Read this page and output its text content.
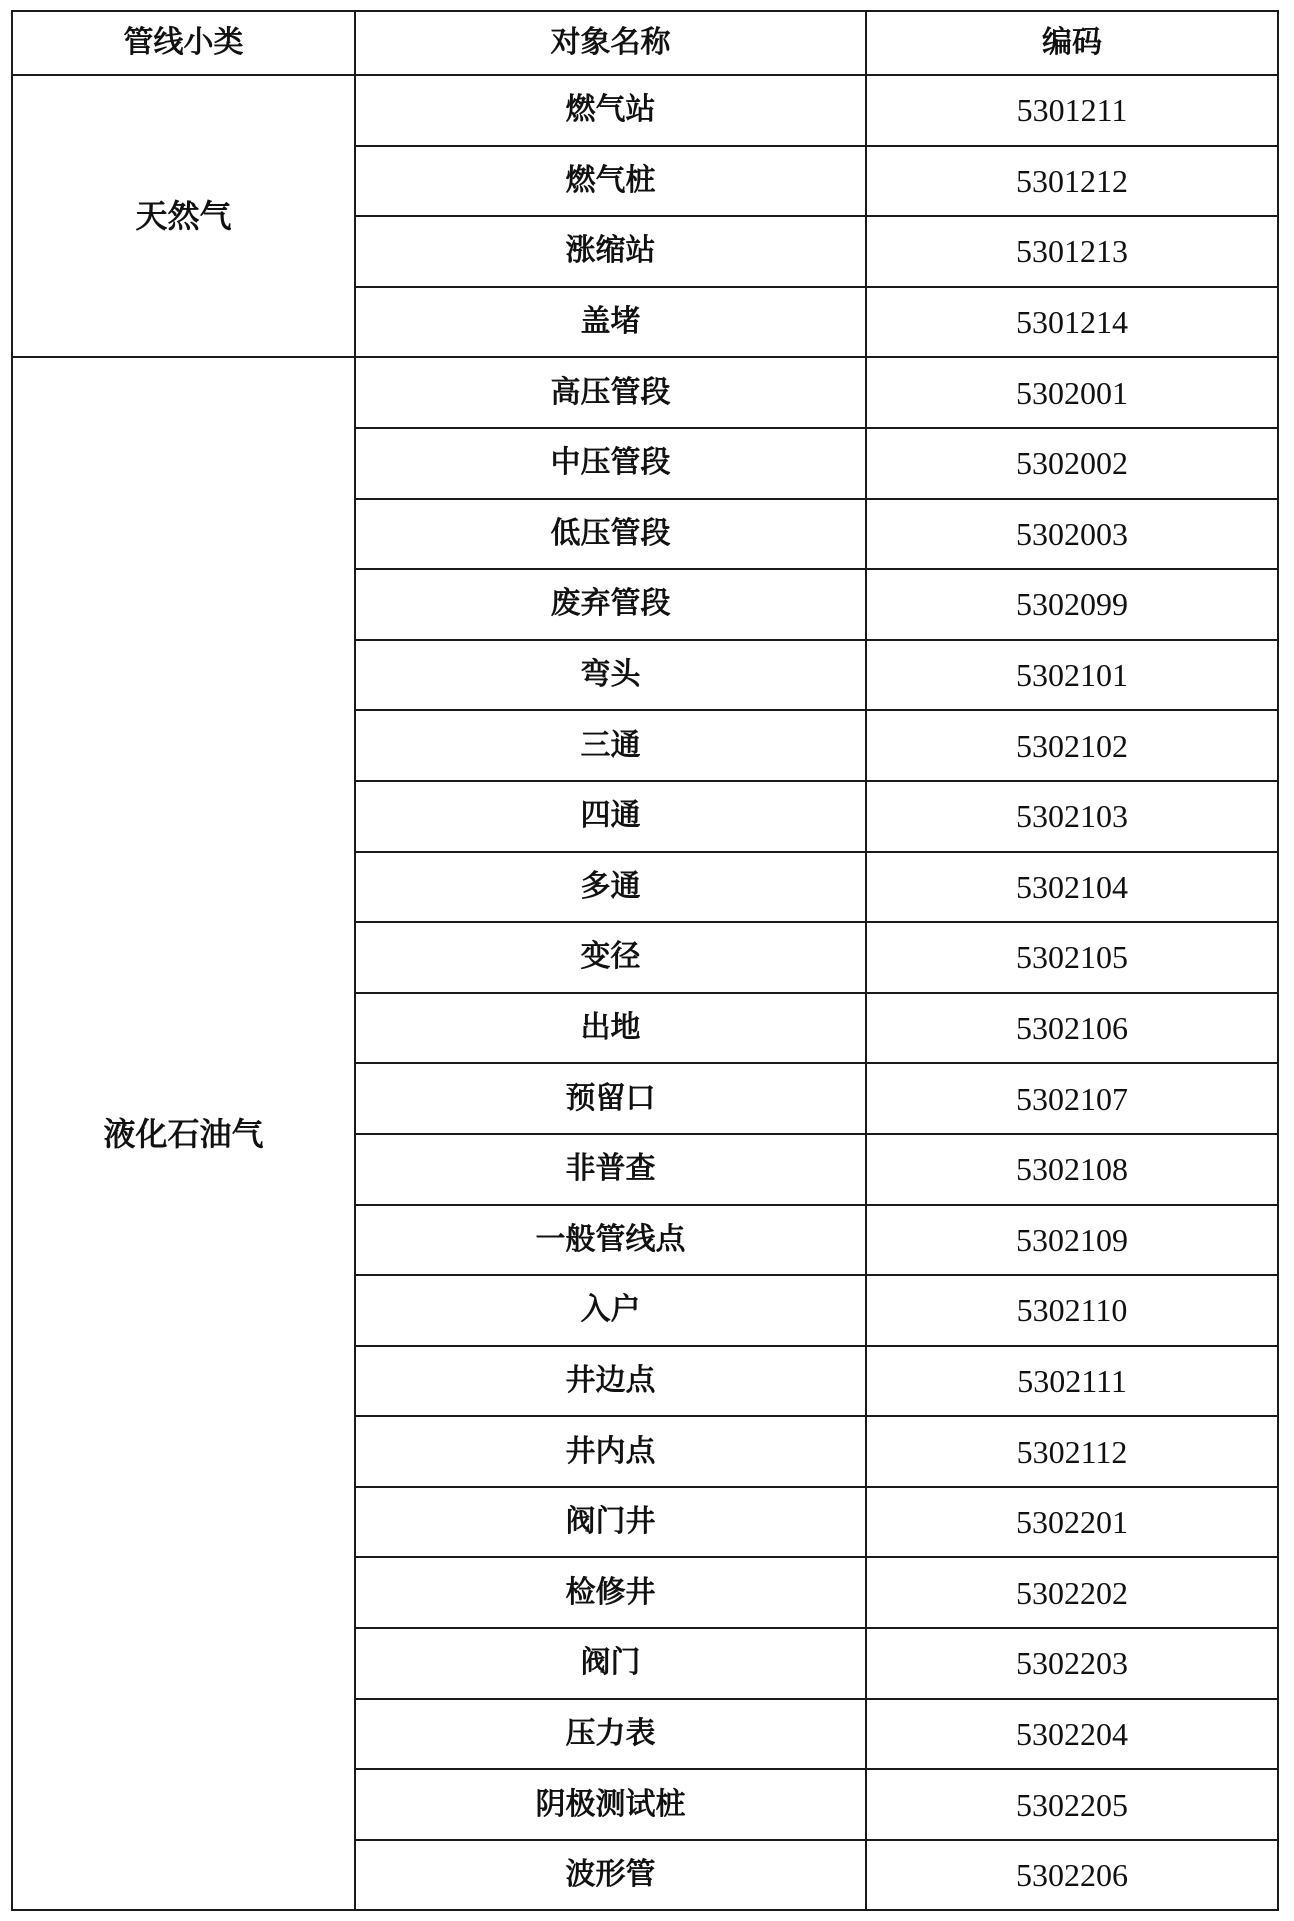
管线小类	对象名称	编码
天然气	燃气站	5301211
	燃气桩	5301212
	涨缩站	5301213
	盖堵	5301214
液化石油气	高压管段	5302001
	中压管段	5302002
	低压管段	5302003
	废弃管段	5302099
	弯头	5302101
	三通	5302102
	四通	5302103
	多通	5302104
	变径	5302105
	出地	5302106
	预留口	5302107
	非普查	5302108
	一般管线点	5302109
	入户	5302110
	井边点	5302111
	井内点	5302112
	阀门井	5302201
	检修井	5302202
	阀门	5302203
	压力表	5302204
	阴极测试桩	5302205
	波形管	5302206
